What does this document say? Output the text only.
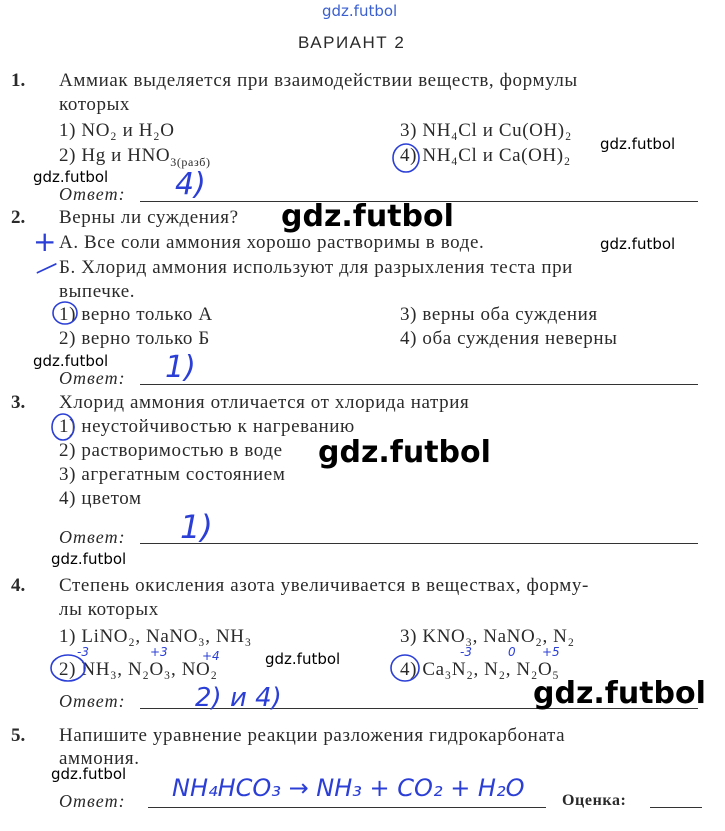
gdz.futbol
ВАРИАНТ 2
1. Аммиак выделяется при взаимодействии веществ, формулы
которых
1) NO₂ и H₂O	3) NH₄Cl и Cu(OH)₂
2) Hg и $HNO_{3(разб)}$	4) NH₄Cl и Ca(OH)₂
Ответ: 4)
2. Верны ли суждения?
А. Все соли аммония хорошо растворимы в воде.
Б. Хлорид аммония используют для разрыхления теста при
выпечке.
+
—
1) верно только А	3) верны оба суждения
2) верно только Б	4) оба суждения неверны
Ответ: 1)
3. Хлорид аммония отличается от хлорида натрия
1) неустойчивостью к нагреванию
2) растворимостью в воде
3) агрегатным состоянием
4) цветом
Ответ: 1)
4. Степень окисления азота увеличивается в веществах, форму-
лы которых
1) LiNO₂, NaNO₃, NH₃	3) KNO₃, NaNO₂, N₂
2) NH₃, N₂O₃, NO₂	4) Ca₃N₂, N₂, N₂O₅
-3	+3	+4	-3	0 +5
Ответ:	2) и 4)
5. Напишите уравнение реакции разложения гидрокарбоната
аммония.
Ответ: NH₄HCO₃ → NH₃ + CO₂ + H₂O Оценка:
gdz.futbol
gdz.futbol
gdz.futbol
gdz.futbol
gdz.futbol
gdz.futbol
gdz.futbol
gdz.futbol
gdz.futbol
gdz.futbol
